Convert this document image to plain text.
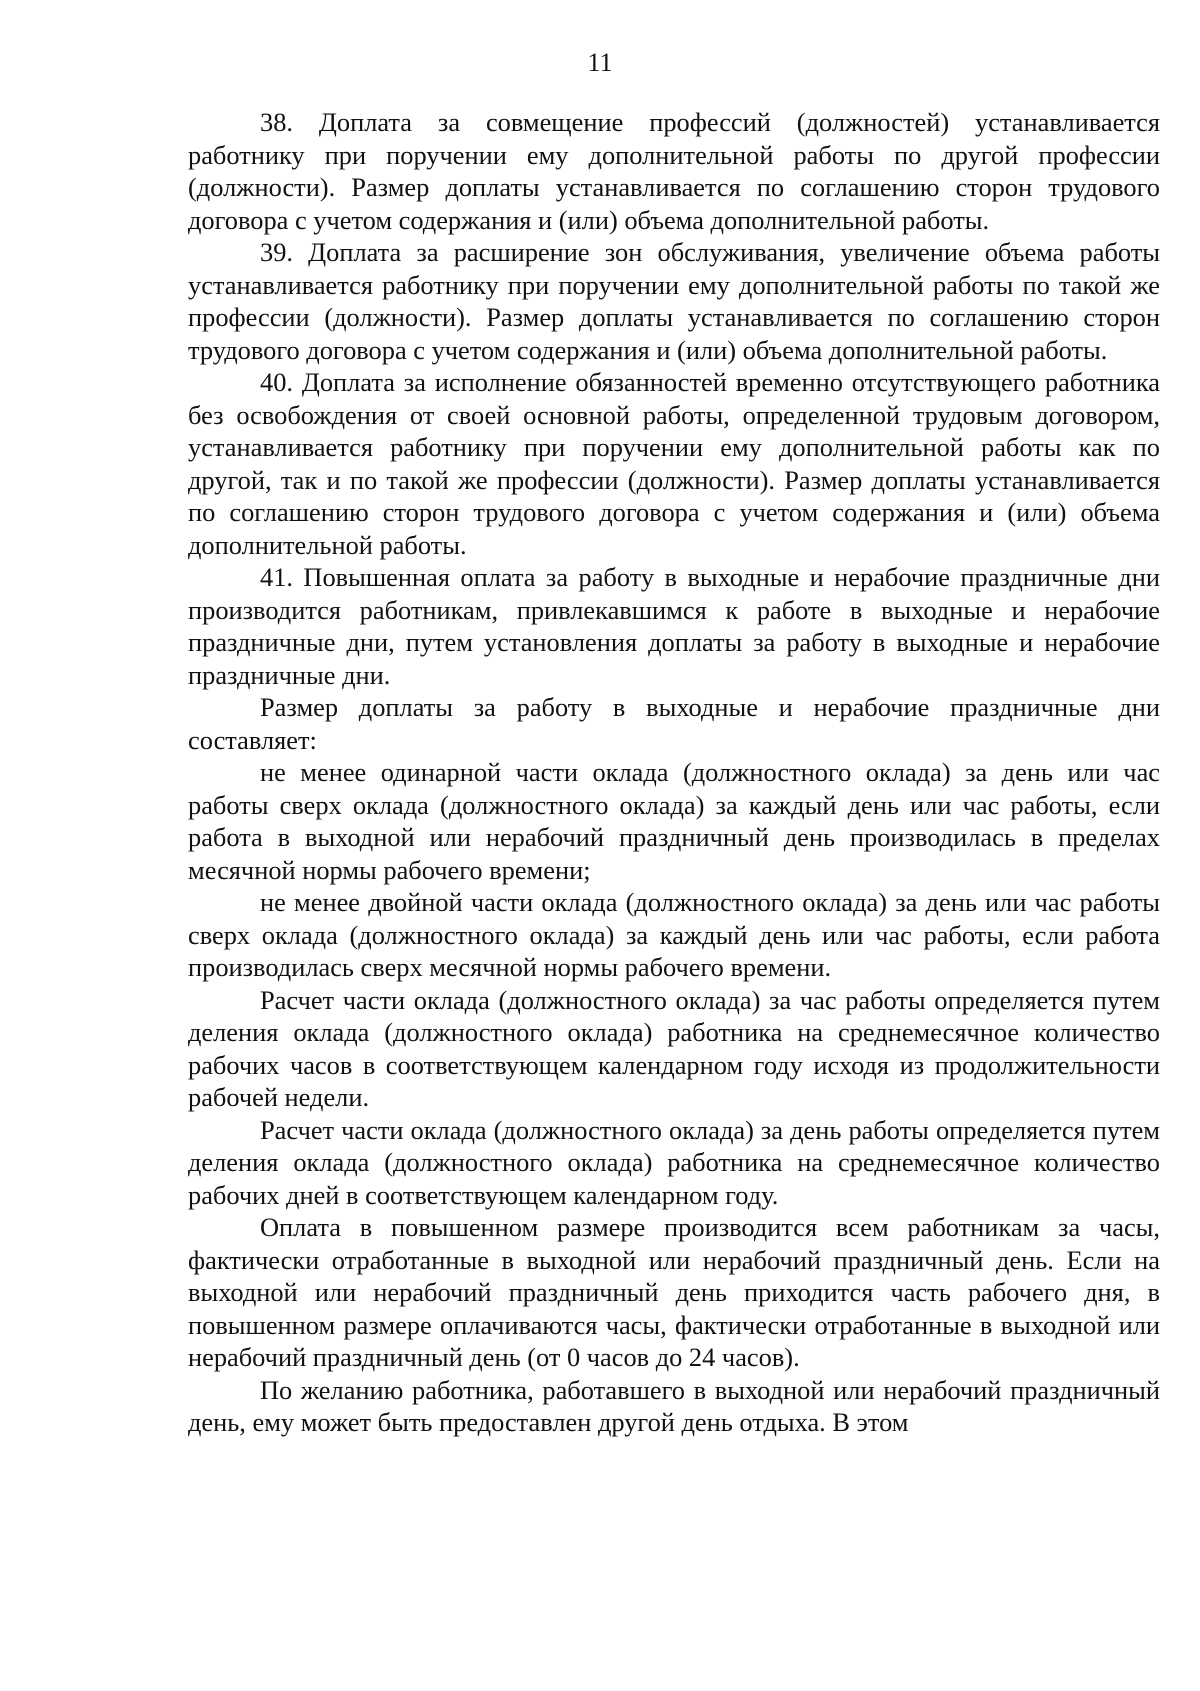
11

38. Доплата за совмещение профессий (должностей) устанавливается работнику при поручении ему дополнительной работы по другой профессии (должности). Размер доплаты устанавливается по соглашению сторон трудового договора с учетом содержания и (или) объема дополнительной работы.

39. Доплата за расширение зон обслуживания, увеличение объема работы устанавливается работнику при поручении ему дополнительной работы по такой же профессии (должности). Размер доплаты устанавливается по соглашению сторон трудового договора с учетом содержания и (или) объема дополнительной работы.

40. Доплата за исполнение обязанностей временно отсутствующего работника без освобождения от своей основной работы, определенной трудовым договором, устанавливается работнику при поручении ему дополнительной работы как по другой, так и по такой же профессии (должности). Размер доплаты устанавливается по соглашению сторон трудового договора с учетом содержания и (или) объема дополнительной работы.

41. Повышенная оплата за работу в выходные и нерабочие праздничные дни производится работникам, привлекавшимся к работе в выходные и нерабочие праздничные дни, путем установления доплаты за работу в выходные и нерабочие праздничные дни.

Размер доплаты за работу в выходные и нерабочие праздничные дни составляет:

не менее одинарной части оклада (должностного оклада) за день или час работы сверх оклада (должностного оклада) за каждый день или час работы, если работа в выходной или нерабочий праздничный день производилась в пределах месячной нормы рабочего времени;

не менее двойной части оклада (должностного оклада) за день или час работы сверх оклада (должностного оклада) за каждый день или час работы, если работа производилась сверх месячной нормы рабочего времени.

Расчет части оклада (должностного оклада) за час работы определяется путем деления оклада (должностного оклада) работника на среднемесячное количество рабочих часов в соответствующем календарном году исходя из продолжительности рабочей недели.

Расчет части оклада (должностного оклада) за день работы определяется путем деления оклада (должностного оклада) работника на среднемесячное количество рабочих дней в соответствующем календарном году.

Оплата в повышенном размере производится всем работникам за часы, фактически отработанные в выходной или нерабочий праздничный день. Если на выходной или нерабочий праздничный день приходится часть рабочего дня, в повышенном размере оплачиваются часы, фактически отработанные в выходной или нерабочий праздничный день (от 0 часов до 24 часов).

По желанию работника, работавшего в выходной или нерабочий праздничный день, ему может быть предоставлен другой день отдыха. В этом
